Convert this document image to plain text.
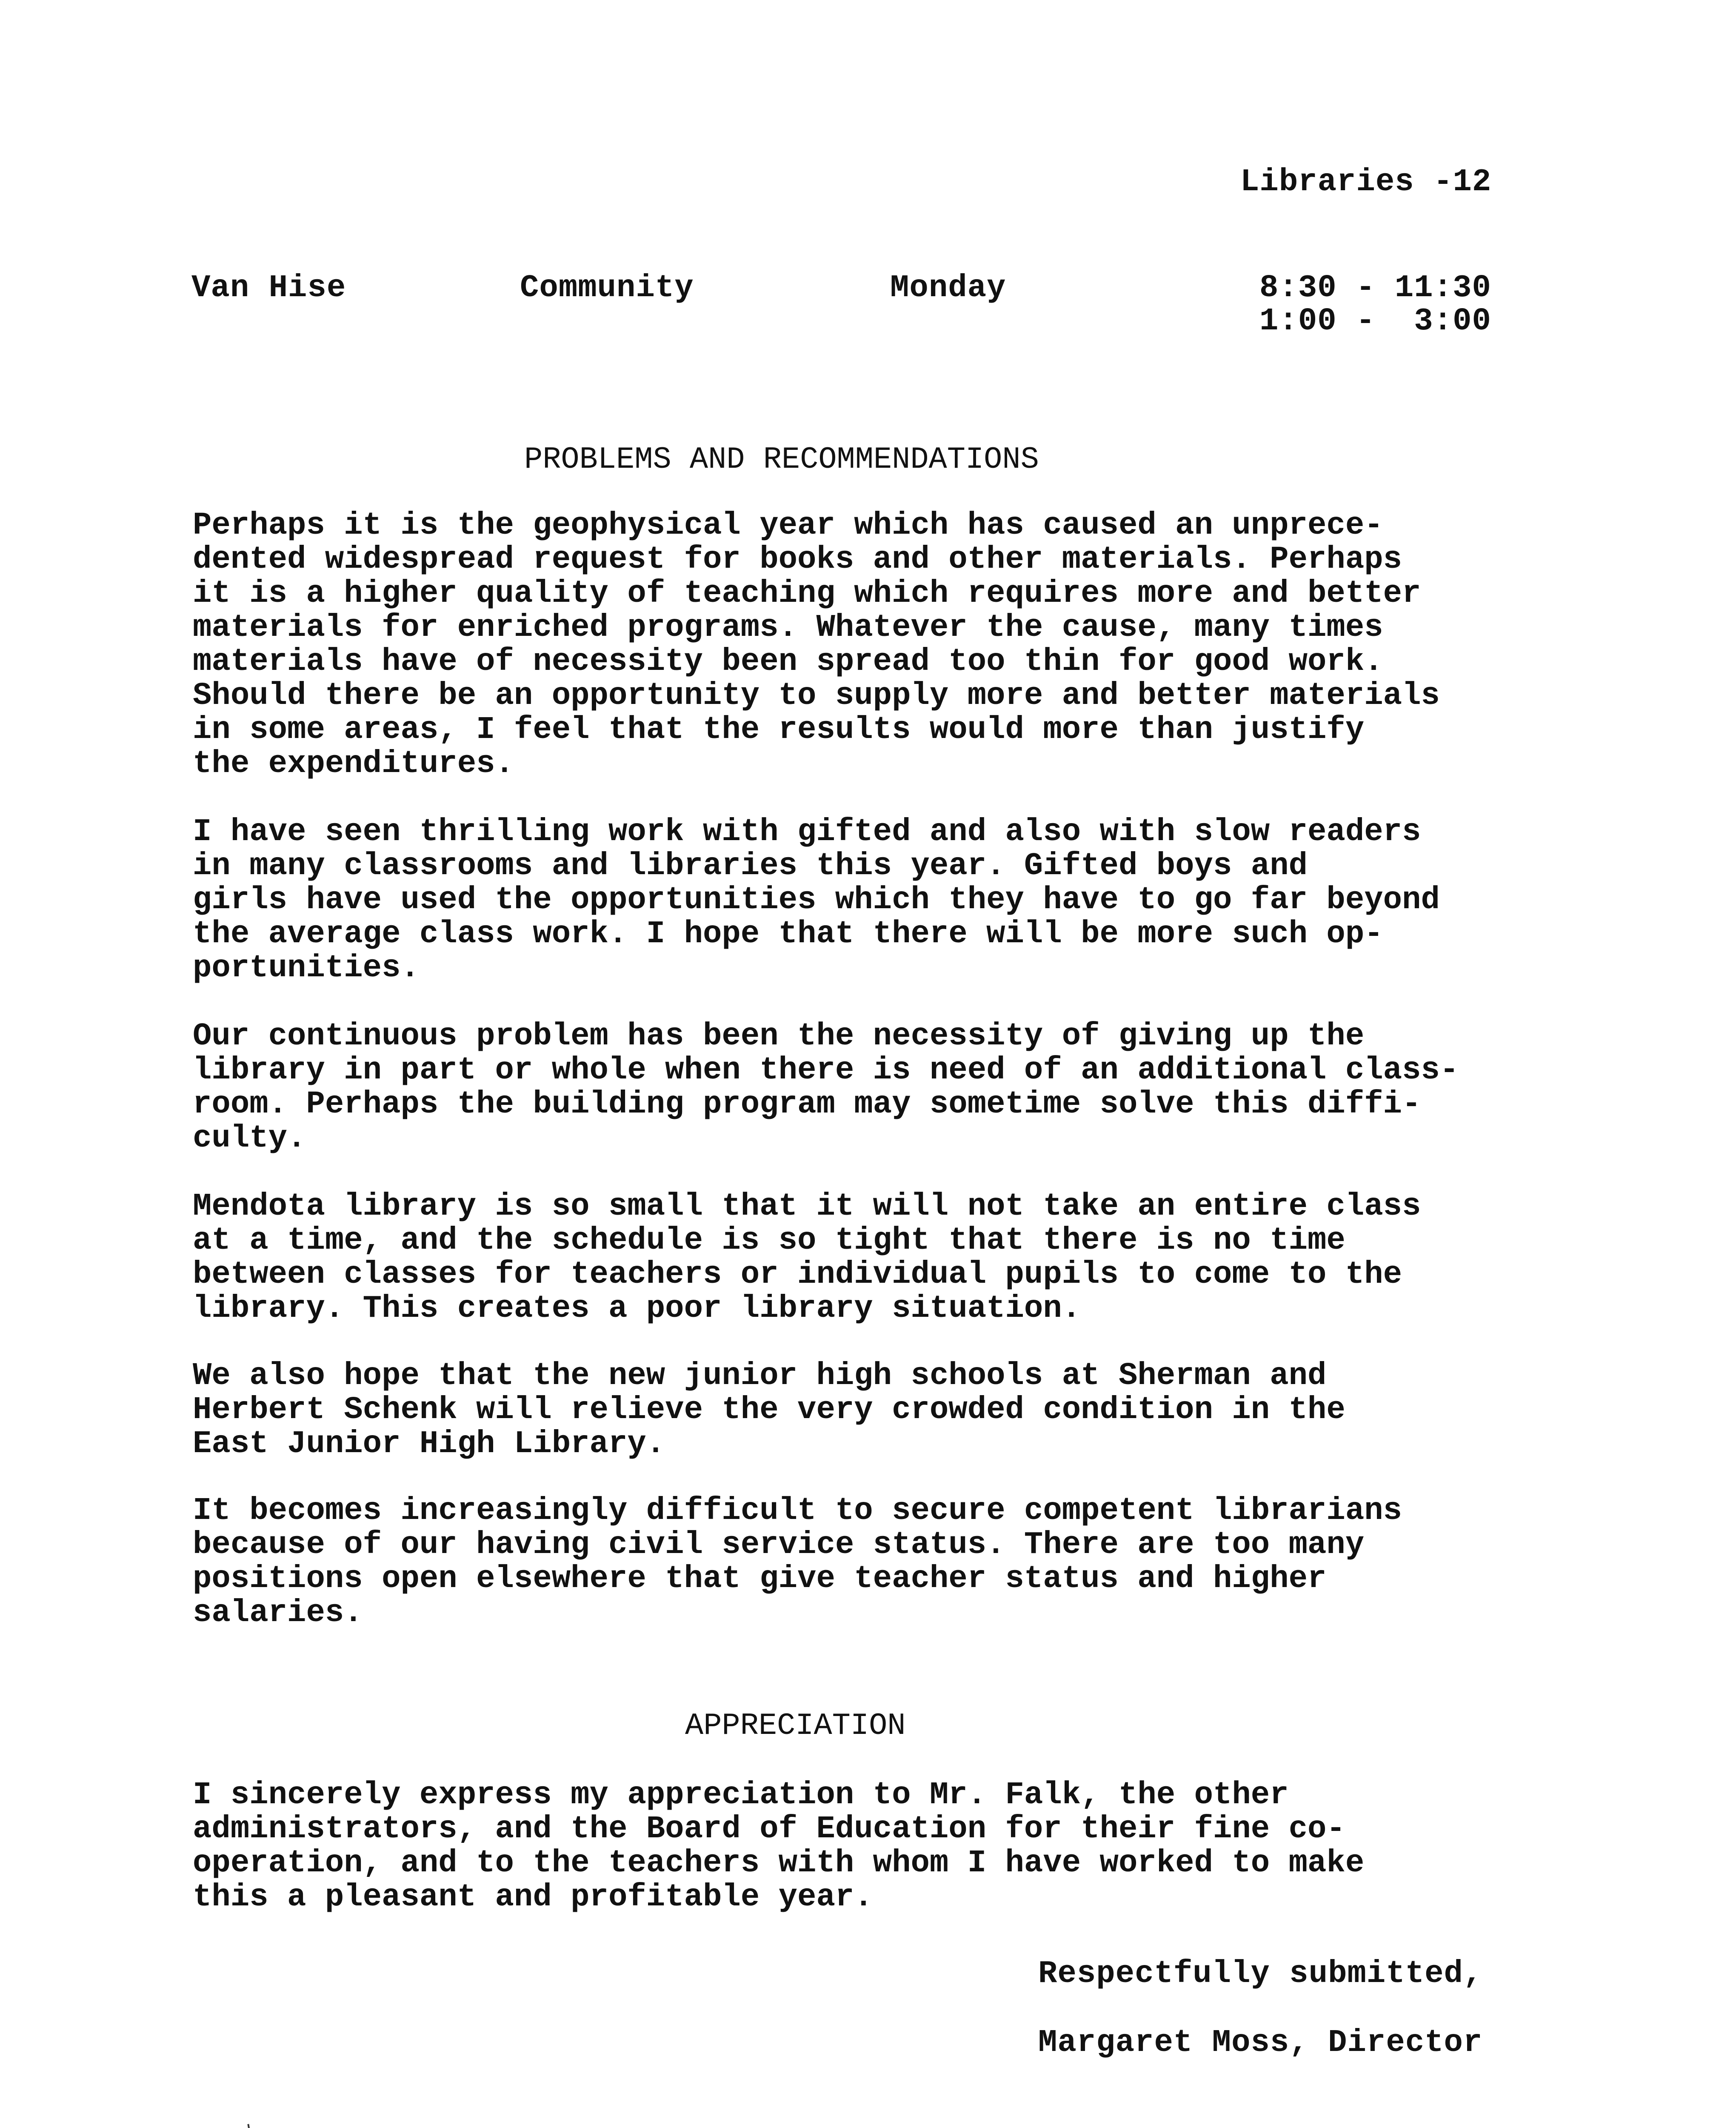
Libraries -12
Van Hise	Community	Monday	8:30 - 11:30
1:00 -  3:00
PROBLEMS AND RECOMMENDATIONS
Perhaps it is the geophysical year which has caused an unprece-
dented widespread request for books and other materials. Perhaps
it is a higher quality of teaching which requires more and better
materials for enriched programs. Whatever the cause, many times
materials have of necessity been spread too thin for good work.
Should there be an opportunity to supply more and better materials
in some areas, I feel that the results would more than justify
the expenditures.
I have seen thrilling work with gifted and also with slow readers
in many classrooms and libraries this year. Gifted boys and
girls have used the opportunities which they have to go far beyond
the average class work. I hope that there will be more such op-
portunities.
Our continuous problem has been the necessity of giving up the
library in part or whole when there is need of an additional class-
room. Perhaps the building program may sometime solve this diffi-
culty.
Mendota library is so small that it will not take an entire class
at a time, and the schedule is so tight that there is no time
between classes for teachers or individual pupils to come to the
library. This creates a poor library situation.
We also hope that the new junior high schools at Sherman and
Herbert Schenk will relieve the very crowded condition in the
East Junior High Library.
It becomes increasingly difficult to secure competent librarians
because of our having civil service status. There are too many
positions open elsewhere that give teacher status and higher
salaries.
APPRECIATION
I sincerely express my appreciation to Mr. Falk, the other
administrators, and the Board of Education for their fine co-
operation, and to the teachers with whom I have worked to make
this a pleasant and profitable year.
Respectfully submitted,
Margaret Moss, Director
